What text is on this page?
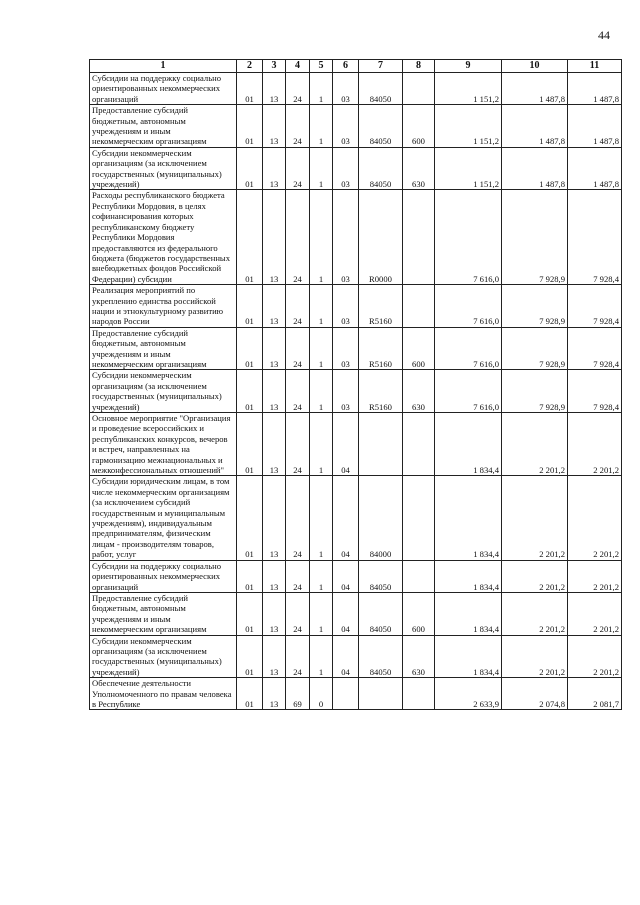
44
1	2	3	4	5	6	7	8	9	10	11
Субсидии на поддержку социально ориентированных некоммерческих организаций	01	13	24	1	03	84050		1 151,2	1 487,8	1 487,8
Предоставление субсидий бюджетным, автономным учреждениям и иным некоммерческим организациям	01	13	24	1	03	84050	600	1 151,2	1 487,8	1 487,8
Субсидии некоммерческим организациям (за исключением государственных (муниципальных) учреждений)	01	13	24	1	03	84050	630	1 151,2	1 487,8	1 487,8
Расходы республиканского бюджета Республики Мордовия, в целях софинансирования которых республиканскому бюджету Республики Мордовия предоставляются из федерального бюджета (бюджетов государственных внебюджетных фондов Российской Федерации) субсидии	01	13	24	1	03	R0000		7 616,0	7 928,9	7 928,4
Реализация мероприятий по укреплению единства российской нации и этнокультурному развитию народов России	01	13	24	1	03	R5160		7 616,0	7 928,9	7 928,4
Предоставление субсидий бюджетным, автономным учреждениям и иным некоммерческим организациям	01	13	24	1	03	R5160	600	7 616,0	7 928,9	7 928,4
Субсидии некоммерческим организациям (за исключением государственных (муниципальных) учреждений)	01	13	24	1	03	R5160	630	7 616,0	7 928,9	7 928,4
Основное мероприятие "Организация и проведение всероссийских и республиканских конкурсов, вечеров и встреч, направленных на гармонизацию межнациональных и межконфессиональных отношений"	01	13	24	1	04			1 834,4	2 201,2	2 201,2
Субсидии юридическим лицам, в том числе некоммерческим организациям (за исключением субсидий государственным и муниципальным учреждениям), индивидуальным предпринимателям, физическим лицам - производителям товаров, работ, услуг	01	13	24	1	04	84000		1 834,4	2 201,2	2 201,2
Субсидии на поддержку социально ориентированных некоммерческих организаций	01	13	24	1	04	84050		1 834,4	2 201,2	2 201,2
Предоставление субсидий бюджетным, автономным учреждениям и иным некоммерческим организациям	01	13	24	1	04	84050	600	1 834,4	2 201,2	2 201,2
Субсидии некоммерческим организациям (за исключением государственных (муниципальных) учреждений)	01	13	24	1	04	84050	630	1 834,4	2 201,2	2 201,2
Обеспечение деятельности Уполномоченного по правам человека в Республике	01	13	69	0				2 633,9	2 074,8	2 081,7
